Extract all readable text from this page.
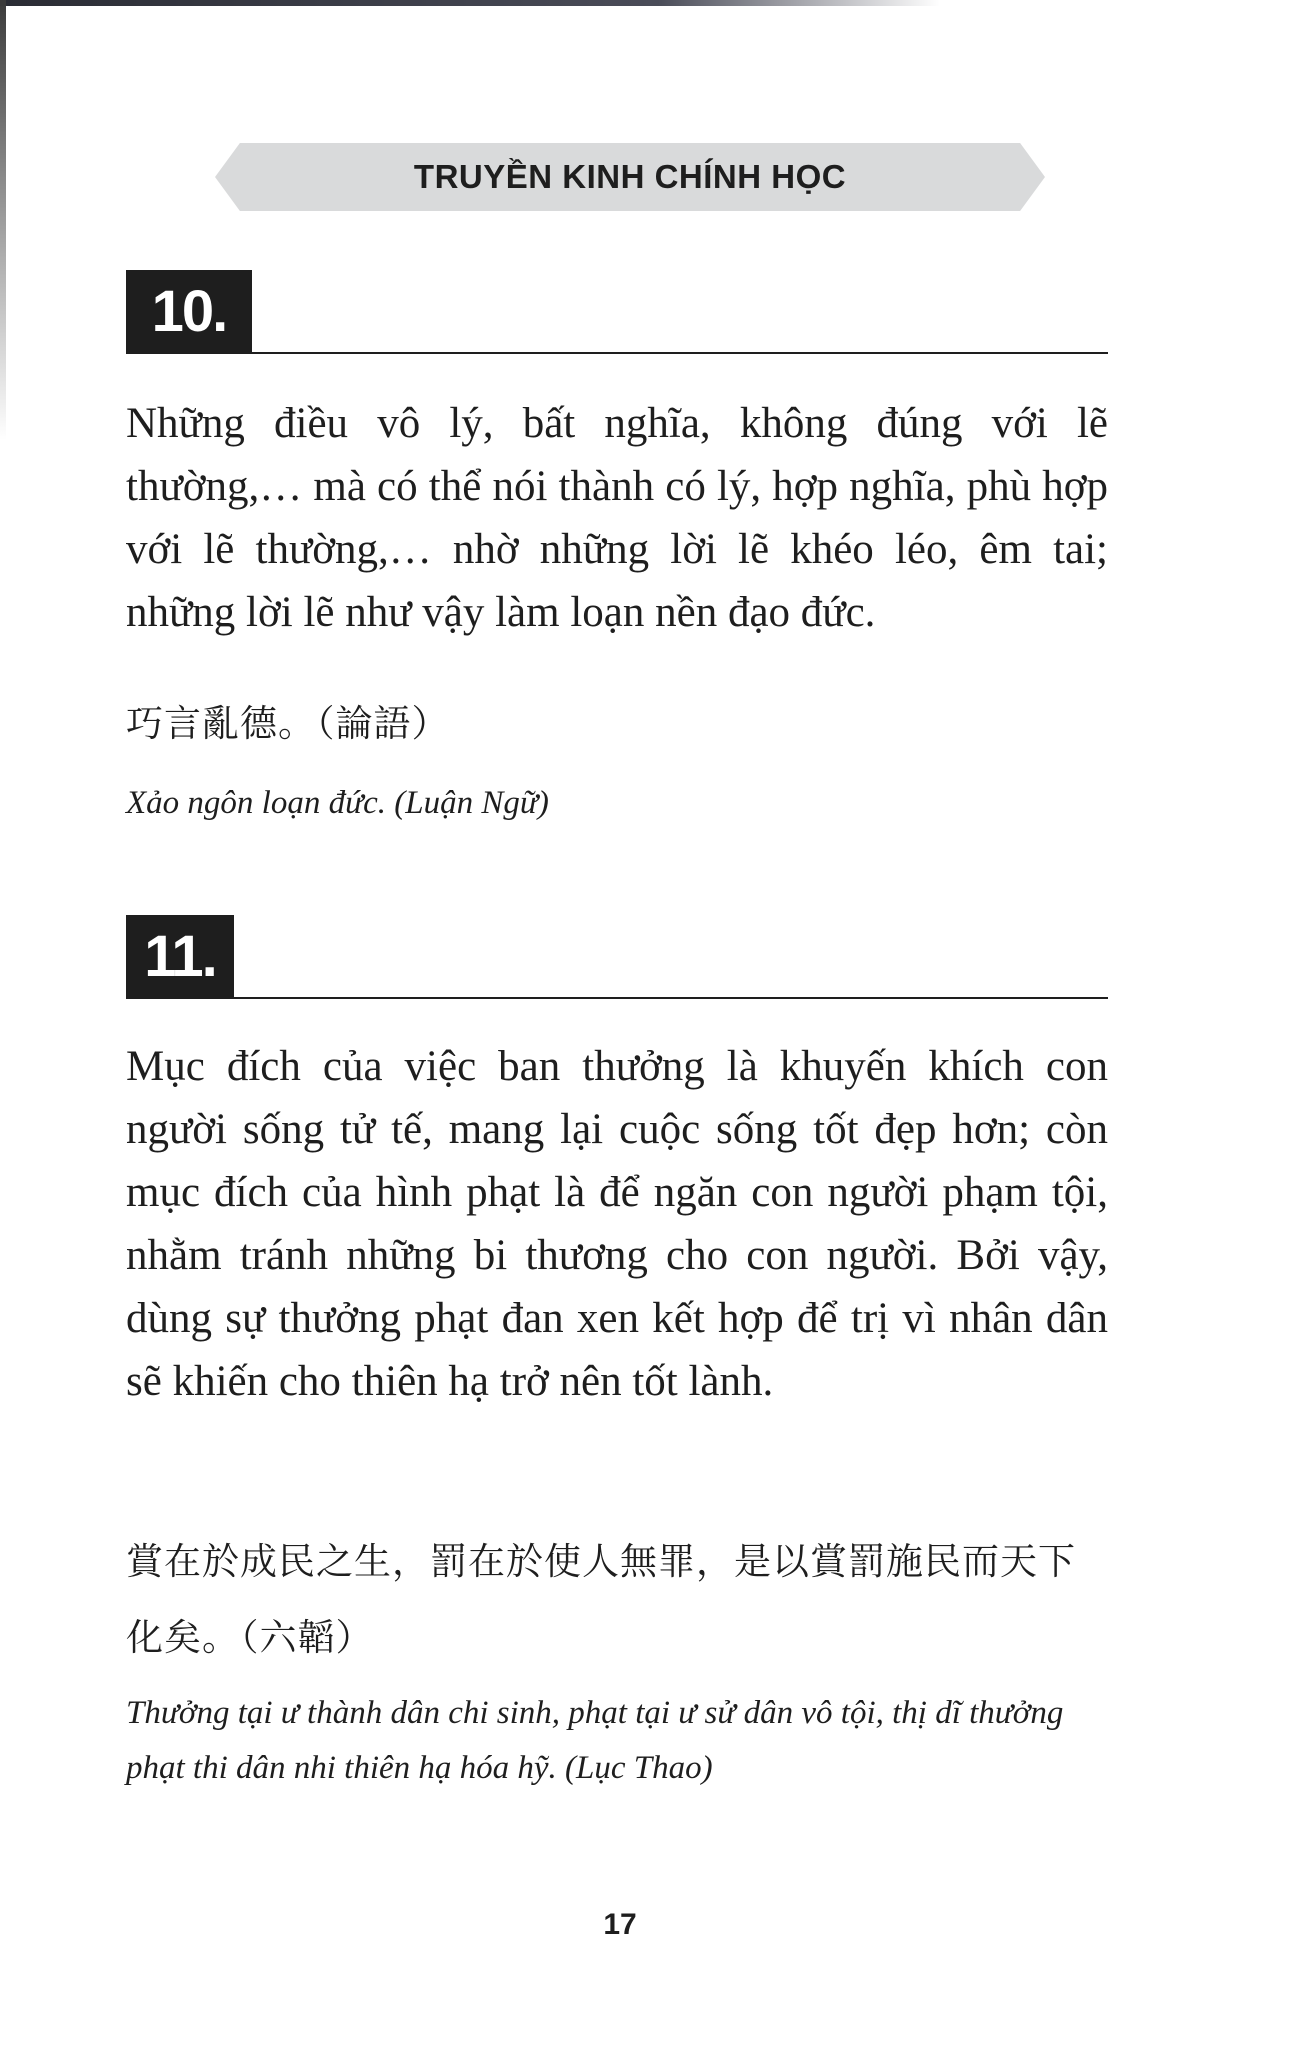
TRUYỀN KINH CHÍNH HỌC
10.
Những điều vô lý, bất nghĩa, không đúng với lẽ thường,… mà có thể nói thành có lý, hợp nghĩa, phù hợp với lẽ thường,… nhờ những lời lẽ khéo léo, êm tai; những lời lẽ như vậy làm loạn nền đạo đức.
巧言亂德。（論語）
Xảo ngôn loạn đức. (Luận Ngữ)
11.
Mục đích của việc ban thưởng là khuyến khích con người sống tử tế, mang lại cuộc sống tốt đẹp hơn; còn mục đích của hình phạt là để ngăn con người phạm tội, nhằm tránh những bi thương cho con người. Bởi vậy, dùng sự thưởng phạt đan xen kết hợp để trị vì nhân dân sẽ khiến cho thiên hạ trở nên tốt lành.
賞在於成民之生，罰在於使人無罪，是以賞罰施民而天下化矣。（六韜）
Thưởng tại ư thành dân chi sinh, phạt tại ư sử dân vô tội, thị dĩ thưởng phạt thi dân nhi thiên hạ hóa hỹ. (Lục Thao)
17
